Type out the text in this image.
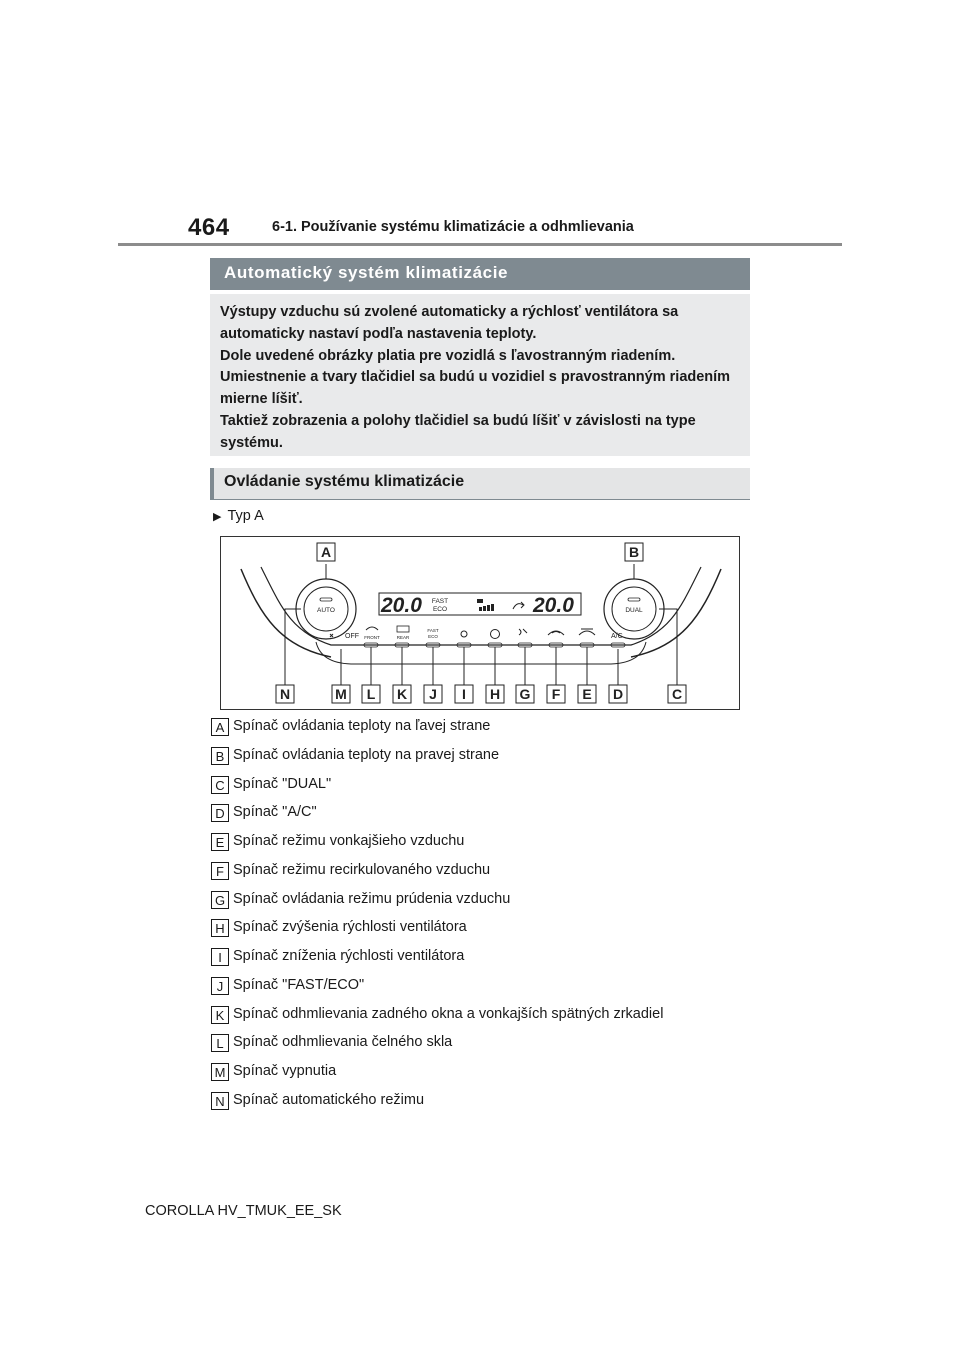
464	6-1. Používanie systému klimatizácie a odhmlievania
Automatický systém klimatizácie

Výstupy vzduchu sú zvolené automaticky a rýchlosť ventilátora sa automaticky nastaví podľa nastavenia teploty.
Dole uvedené obrázky platia pre vozidlá s ľavostranným riadením. Umiestnenie a tvary tlačidiel sa budú u vozidiel s pravostranným riadením mierne líšiť.
Taktiež zobrazenia a polohy tlačidiel sa budú líšiť v závislosti na type systému.

Ovládanie systému klimatizácie
▶ Typ A
AUTO	DUAL
20.0 FAST
ECO	20.0
OFF FRONT	REAR
FAST
ECO	A/C
A	B
N	M L K J I H G F E D	C
A Spínač ovládania teploty na ľavej strane
B Spínač ovládania teploty na pravej strane
C Spínač "DUAL"
D Spínač "A/C"
E Spínač režimu vonkajšieho vzduchu
F Spínač režimu recirkulovaného vzduchu
G Spínač ovládania režimu prúdenia vzduchu
H Spínač zvýšenia rýchlosti ventilátora
I Spínač zníženia rýchlosti ventilátora
J Spínač "FAST/ECO"
K Spínač odhmlievania zadného okna a vonkajších spätných zrkadiel
L Spínač odhmlievania čelného skla
M Spínač vypnutia
N Spínač automatického režimu
COROLLA HV_TMUK_EE_SK
